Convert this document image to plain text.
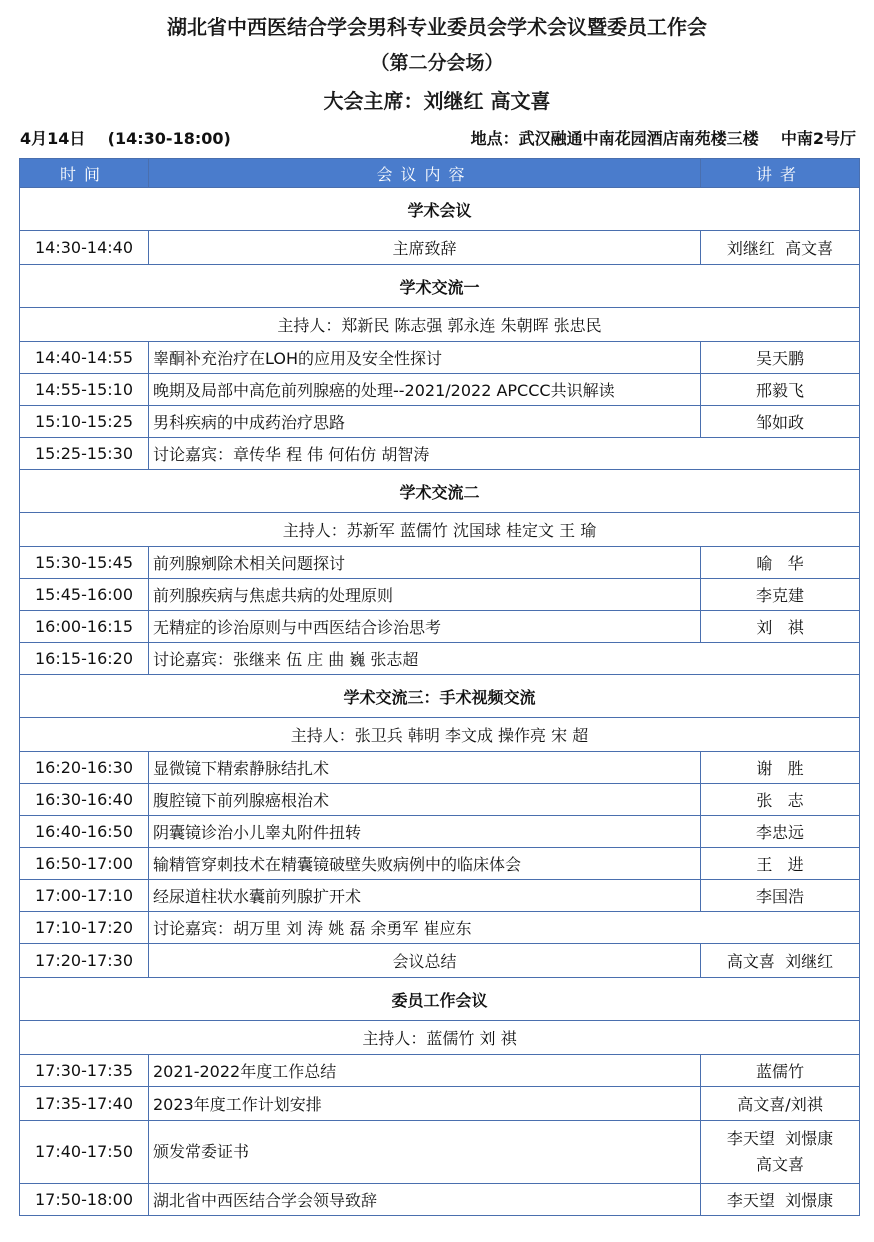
湖北省中西医结合学会男科专业委员会学术会议暨委员工作会
（第二分会场）
大会主席：刘继红 高文喜
4月14日    (14:30-18:00)	地点：武汉融通中南花园酒店南苑楼三楼    中南2号厅
时间	会议内容	讲者
学术会议		
14:30-14:40	主席致辞	刘继红  高文喜
学术交流一		
主持人：郑新民 陈志强 郭永连 朱朝晖 张忠民		
14:40-14:55	睾酮补充治疗在LOH的应用及安全性探讨	吴天鹏
14:55-15:10	晚期及局部中高危前列腺癌的处理--2021/2022 APCCC共识解读	邢毅飞
15:10-15:25	男科疾病的中成药治疗思路	邹如政
15:25-15:30	讨论嘉宾：章传华 程 伟 何佑仿 胡智涛	
学术交流二		
主持人：苏新军 蓝儒竹 沈国球 桂定文 王 瑜		
15:30-15:45	前列腺剜除术相关问题探讨	喻   华
15:45-16:00	前列腺疾病与焦虑共病的处理原则	李克建
16:00-16:15	无精症的诊治原则与中西医结合诊治思考	刘   祺
16:15-16:20	讨论嘉宾：张继来 伍 庄 曲 巍 张志超	
学术交流三：手术视频交流		
主持人：张卫兵 韩明 李文成 操作亮 宋 超		
16:20-16:30	显微镜下精索静脉结扎术	谢   胜
16:30-16:40	腹腔镜下前列腺癌根治术	张   志
16:40-16:50	阴囊镜诊治小儿睾丸附件扭转	李忠远
16:50-17:00	输精管穿刺技术在精囊镜破壁失败病例中的临床体会	王   进
17:00-17:10	经尿道柱状水囊前列腺扩开术	李国浩
17:10-17:20	讨论嘉宾：胡万里 刘 涛 姚 磊 余勇军 崔应东	
17:20-17:30	会议总结	高文喜  刘继红
委员工作会议		
主持人：蓝儒竹 刘 祺		
17:30-17:35	2021-2022年度工作总结	蓝儒竹
17:35-17:40	2023年度工作计划安排	高文喜/刘祺
17:40-17:50	颁发常委证书	李天望  刘憬康
高文喜
17:50-18:00	湖北省中西医结合学会领导致辞	李天望  刘憬康
